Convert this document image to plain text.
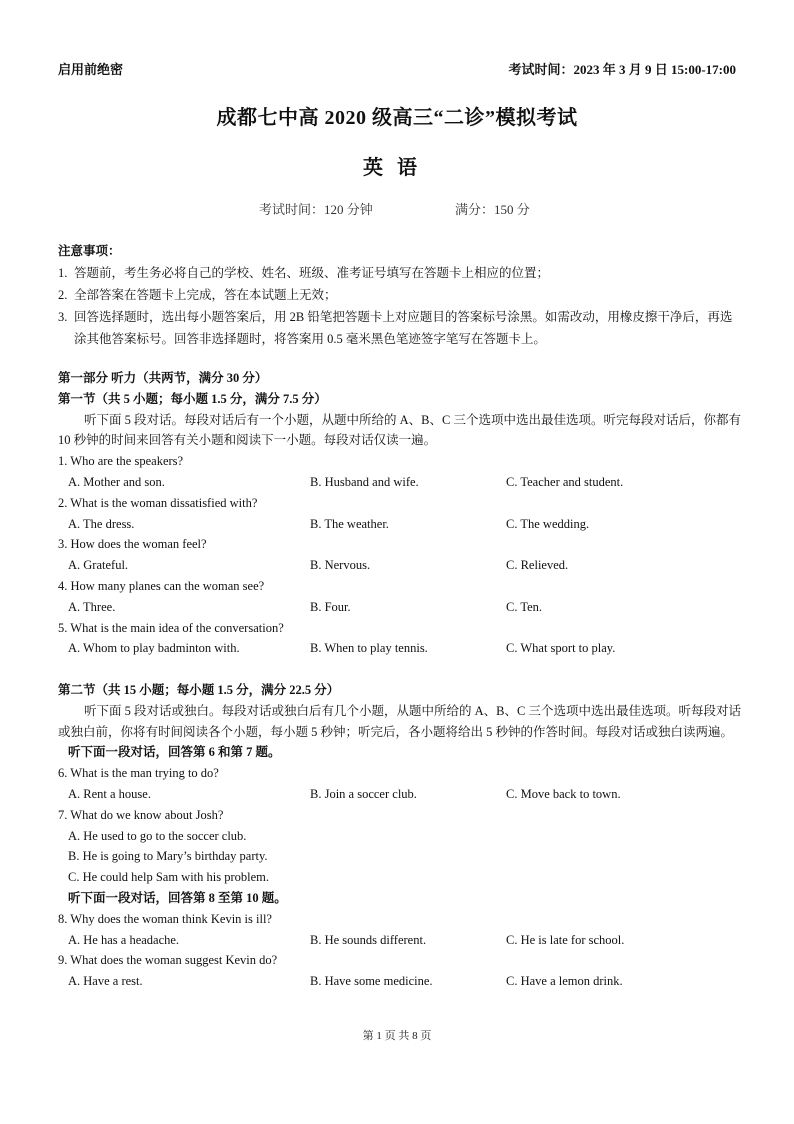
启用前绝密	考试时间：2023 年 3 月 9 日 15:00-17:00
成都七中高 2020 级高三“二诊”模拟考试
英语
考试时间：120 分钟	满分：150 分
注意事项：
1. 答题前，考生务必将自己的学校、姓名、班级、准考证号填写在答题卡上相应的位置；
2. 全部答案在答题卡上完成，答在本试题上无效；
3. 回答选择题时，选出每小题答案后，用 2B 铅笔把答题卡上对应题目的答案标号涂黑。如需改动，用橡皮擦干净后，再选涂其他答案标号。回答非选择题时，将答案用 0.5 毫米黑色笔迹签字笔写在答题卡上。
第一部分 听力（共两节，满分 30 分）
第一节（共 5 小题；每小题 1.5 分，满分 7.5 分）
听下面 5 段对话。每段对话后有一个小题，从题中所给的 A、B、C 三个选项中选出最佳选项。听完每段对话后，你都有 10 秒钟的时间来回答有关小题和阅读下一小题。每段对话仅读一遍。
1. Who are the speakers?
A. Mother and son.	B. Husband and wife.	C. Teacher and student.
2. What is the woman dissatisfied with?
A. The dress.	B. The weather.	C. The wedding.
3. How does the woman feel?
A. Grateful.	B. Nervous.	C. Relieved.
4. How many planes can the woman see?
A. Three.	B. Four.	C. Ten.
5. What is the main idea of the conversation?
A. Whom to play badminton with.	B. When to play tennis.	C. What sport to play.
第二节（共 15 小题；每小题 1.5 分，满分 22.5 分）
听下面 5 段对话或独白。每段对话或独白后有几个小题，从题中所给的 A、B、C 三个选项中选出最佳选项。听每段对话或独白前，你将有时间阅读各个小题，每小题 5 秒钟；听完后，各小题将给出 5 秒钟的作答时间。每段对话或独白读两遍。
听下面一段对话，回答第 6 和第 7 题。
6. What is the man trying to do?
A. Rent a house.	B. Join a soccer club.	C. Move back to town.
7. What do we know about Josh?
A. He used to go to the soccer club.
B. He is going to Mary’s birthday party.
C. He could help Sam with his problem.
听下面一段对话，回答第 8 至第 10 题。
8. Why does the woman think Kevin is ill?
A. He has a headache.	B. He sounds different.	C. He is late for school.
9. What does the woman suggest Kevin do?
A. Have a rest.	B. Have some medicine.	C. Have a lemon drink.
第 1 页 共 8 页
